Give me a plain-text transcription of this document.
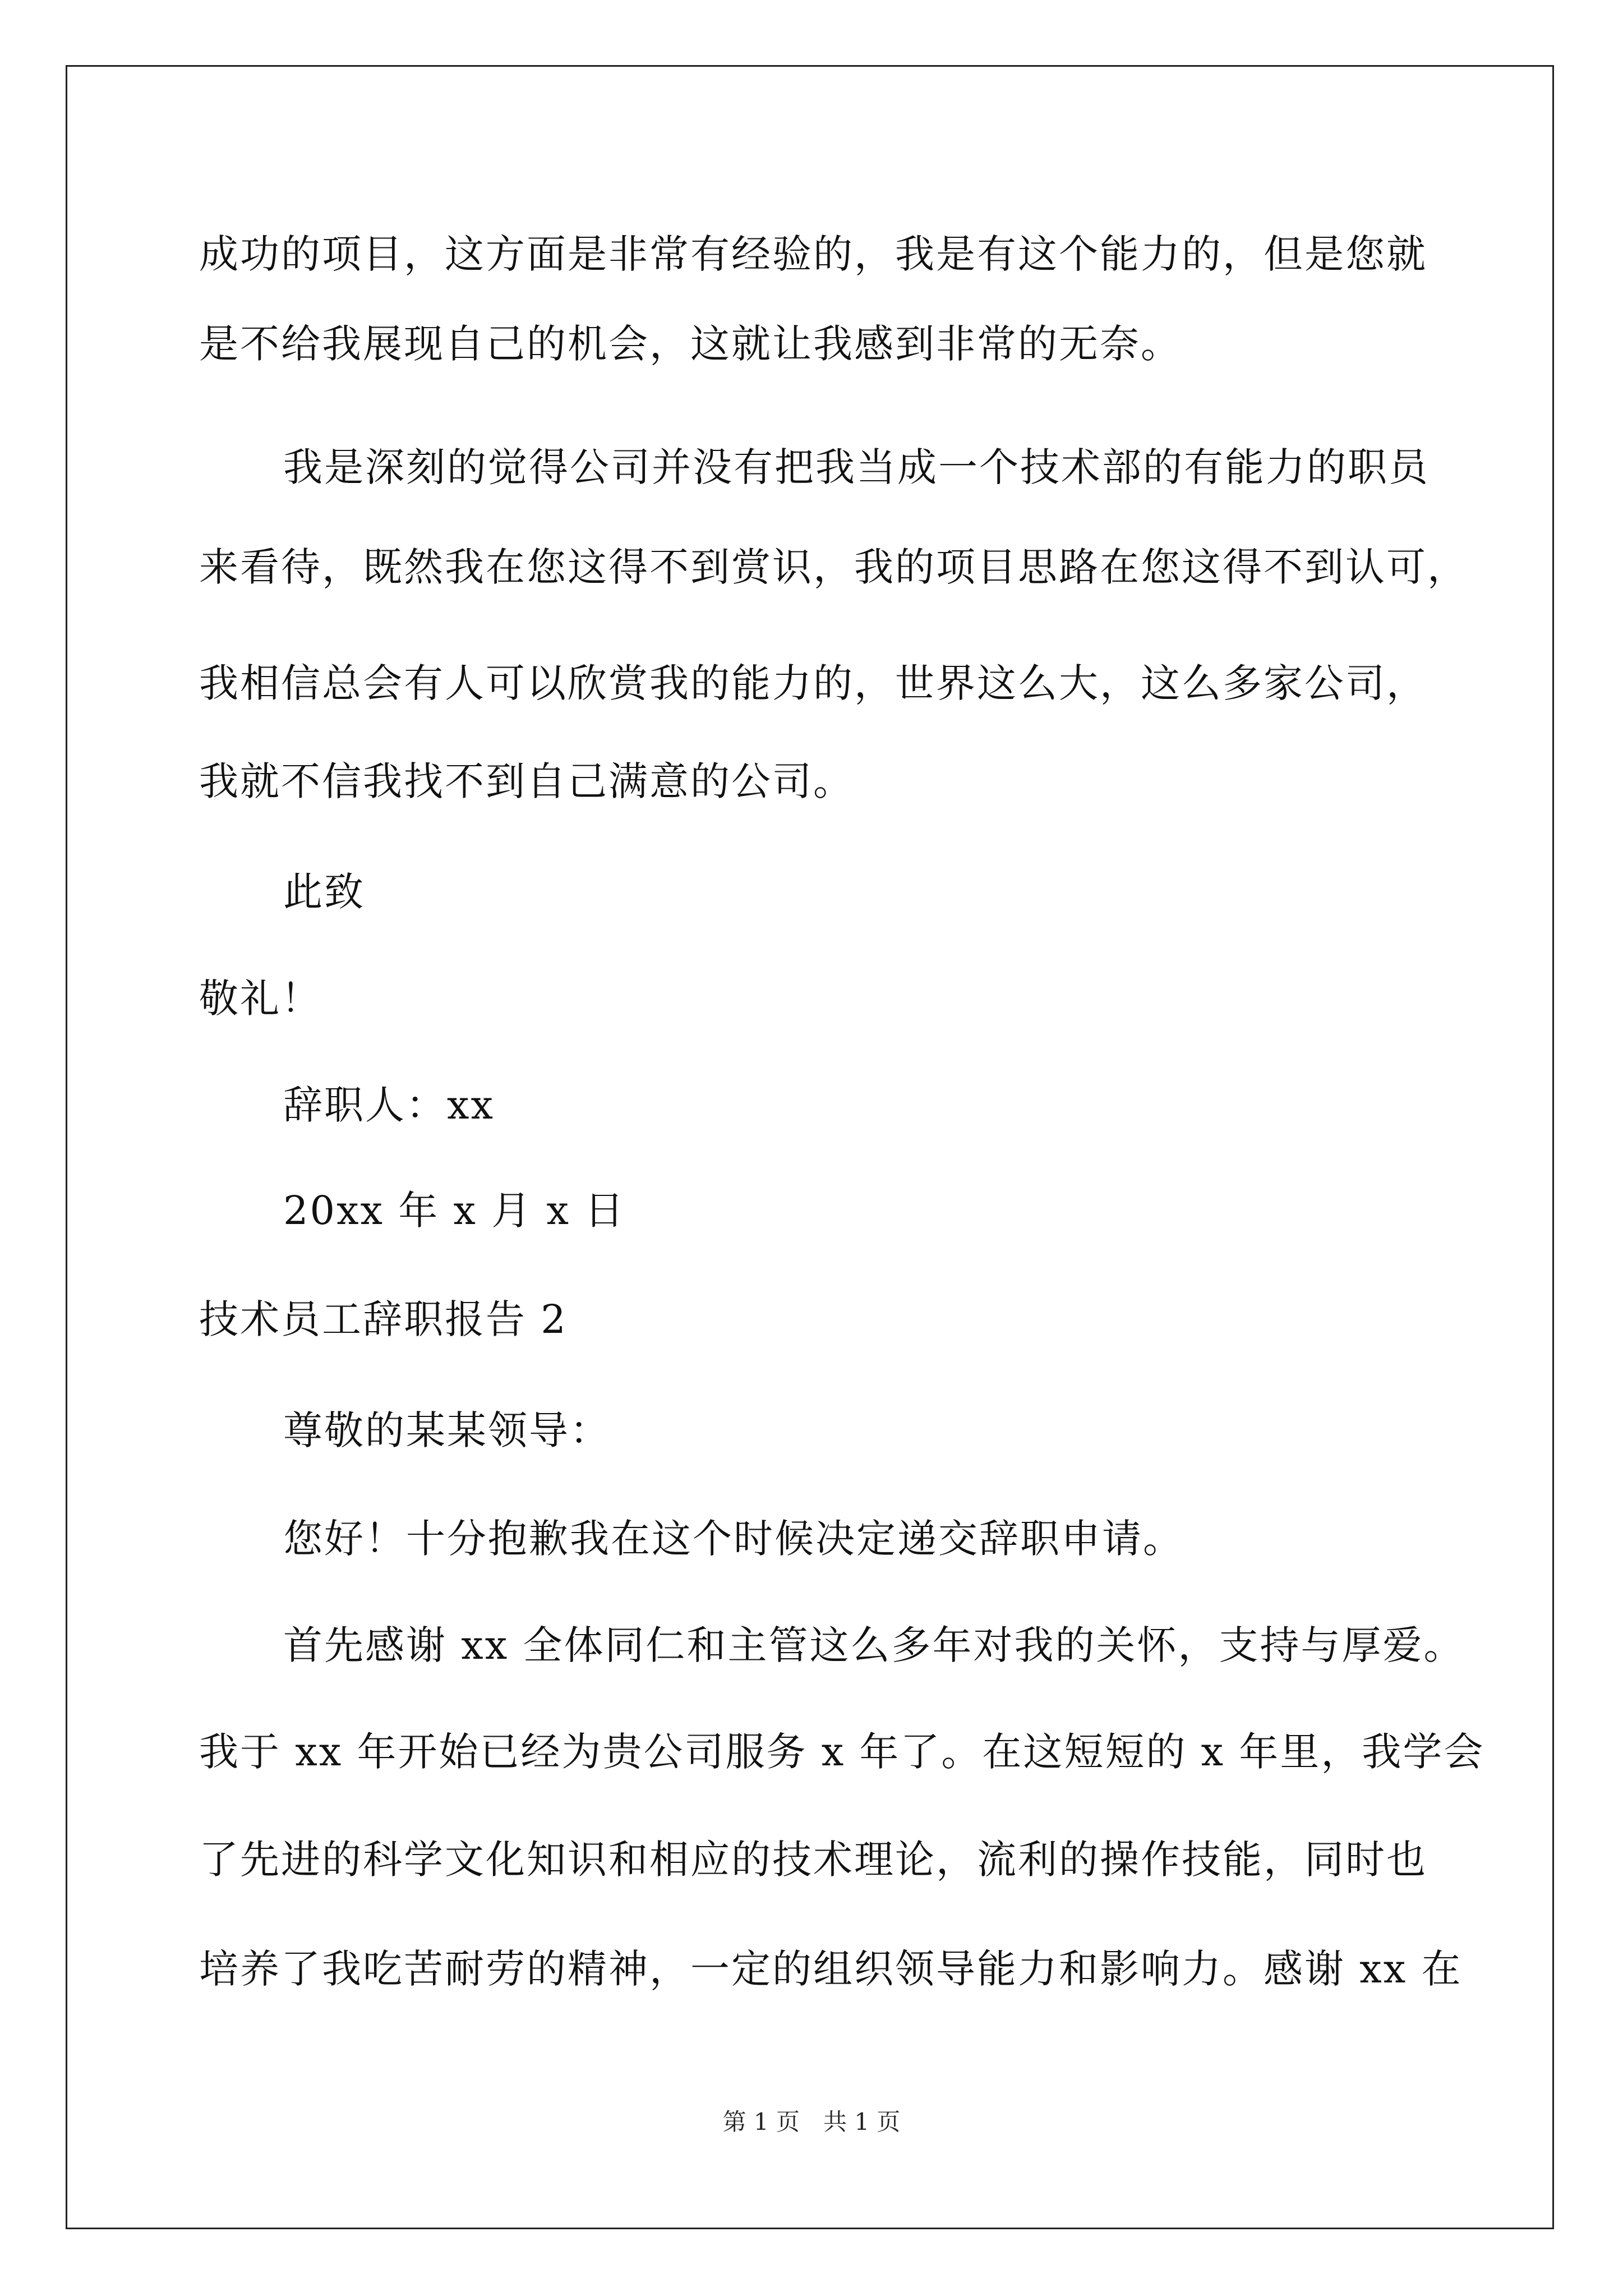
成功的项目，这方面是非常有经验的，我是有这个能力的，但是您就
是不给我展现自己的机会，这就让我感到非常的无奈。
我是深刻的觉得公司并没有把我当成一个技术部的有能力的职员
来看待，既然我在您这得不到赏识，我的项目思路在您这得不到认可，
我相信总会有人可以欣赏我的能力的，世界这么大，这么多家公司，
我就不信我找不到自己满意的公司。
此致
敬礼！
辞职人：xx
20xx 年 x 月 x 日
技术员工辞职报告 2
尊敬的某某领导：
您好！十分抱歉我在这个时候决定递交辞职申请。
首先感谢 xx 全体同仁和主管这么多年对我的关怀，支持与厚爱。
我于 xx 年开始已经为贵公司服务 x 年了。在这短短的 x 年里，我学会
了先进的科学文化知识和相应的技术理论，流利的操作技能，同时也
培养了我吃苦耐劳的精神，一定的组织领导能力和影响力。感谢 xx 在
第 1 页　共 1 页
